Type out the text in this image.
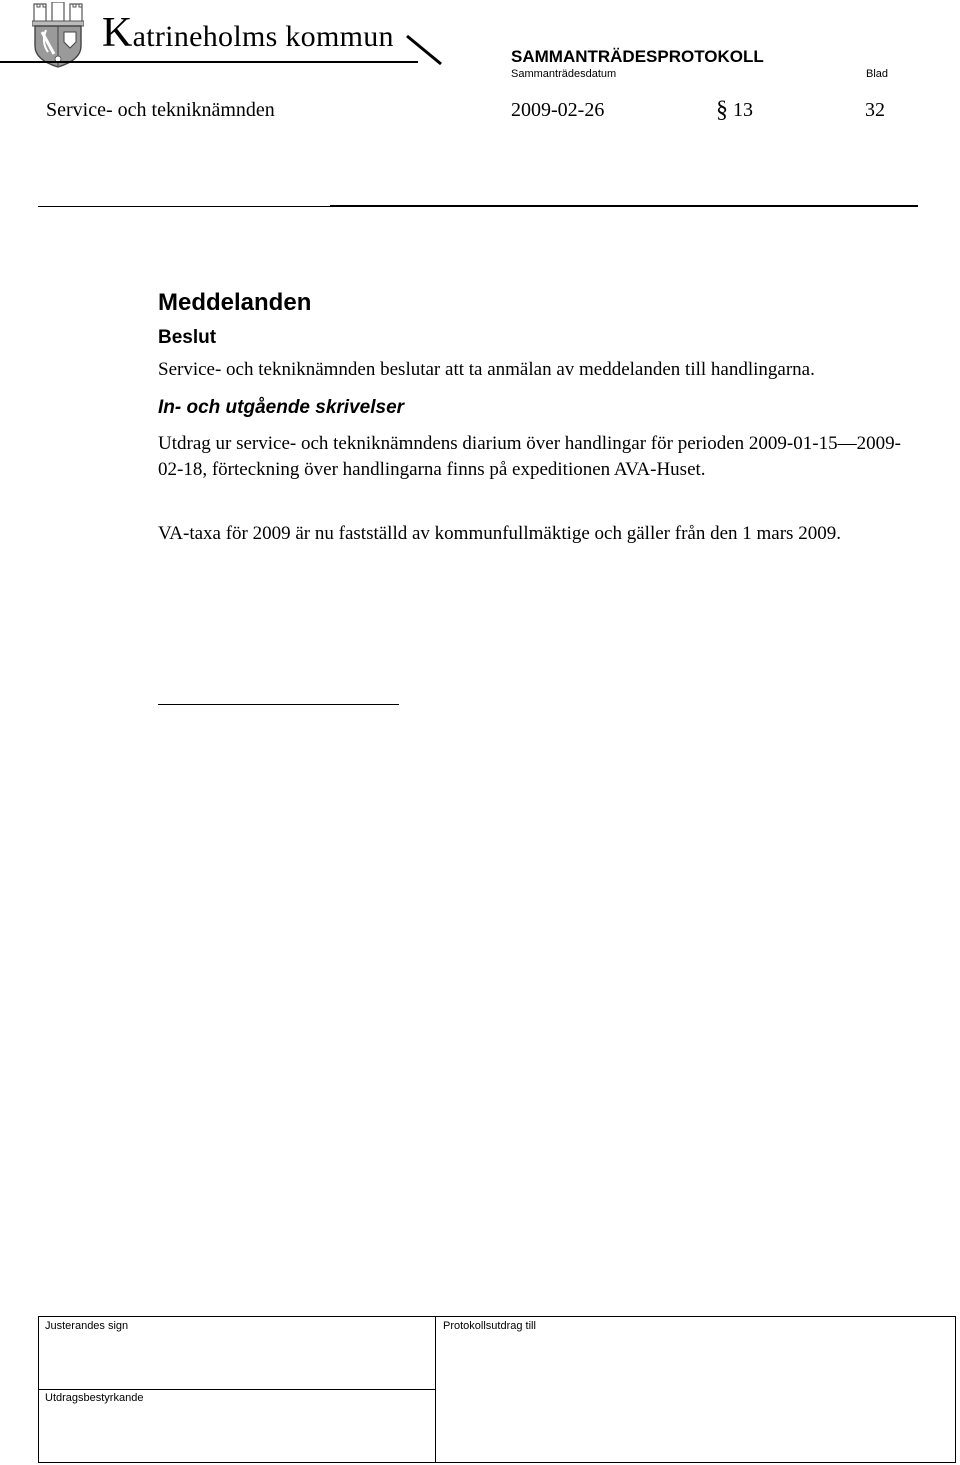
Katrineholms kommun
SAMMANTRÄDESPROTOKOLL
Sammanträdesdatum	Blad
Service- och tekniknämnden	2009-02-26	§ 13	32
Meddelanden
Beslut

Service- och tekniknämnden beslutar att ta anmälan av meddelanden till handlingarna.

In- och utgående skrivelser

Utdrag ur service- och tekniknämndens diarium över handlingar för perioden 2009-01-15—2009-02-18, förteckning över handlingarna finns på expeditionen AVA-Huset.

VA-taxa för 2009 är nu fastställd av kommunfullmäktige och gäller från den 1 mars 2009.

Justerandes sign	Protokollsutdrag till
Utdragsbestyrkande
